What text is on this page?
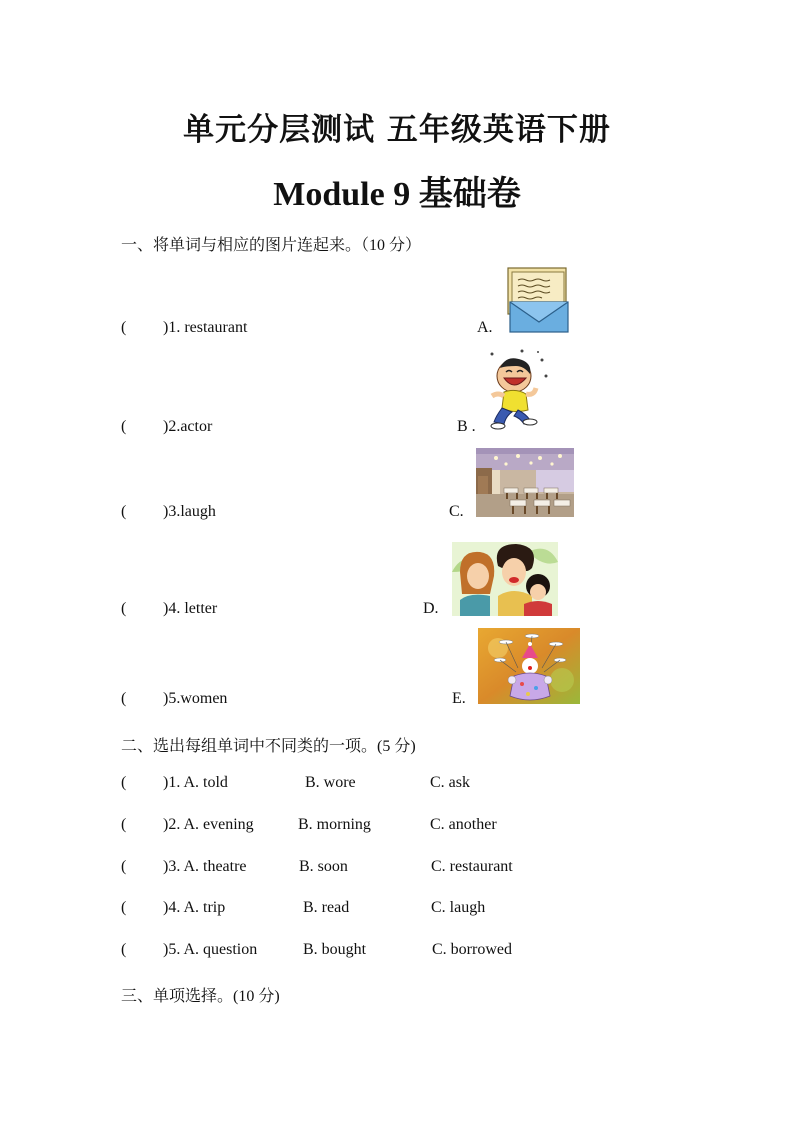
单元分层测试 五年级英语下册
Module 9 基础卷
一、将单词与相应的图片连起来。（10 分）
( )1. restaurant	A.
( )2.actor	B .
( )3.laugh	C.
( )4. letter	D.
( )5.women	E.
二、选出每组单词中不同类的一项。(5 分)
( )1. A. told	B. wore	C. ask
( )2. A. evening	B. morning	C. another
( )3. A. theatre	B. soon	C. restaurant
( )4. A. trip	B. read	C. laugh
( )5. A. question	B. bought	C. borrowed
三、单项选择。(10 分)
